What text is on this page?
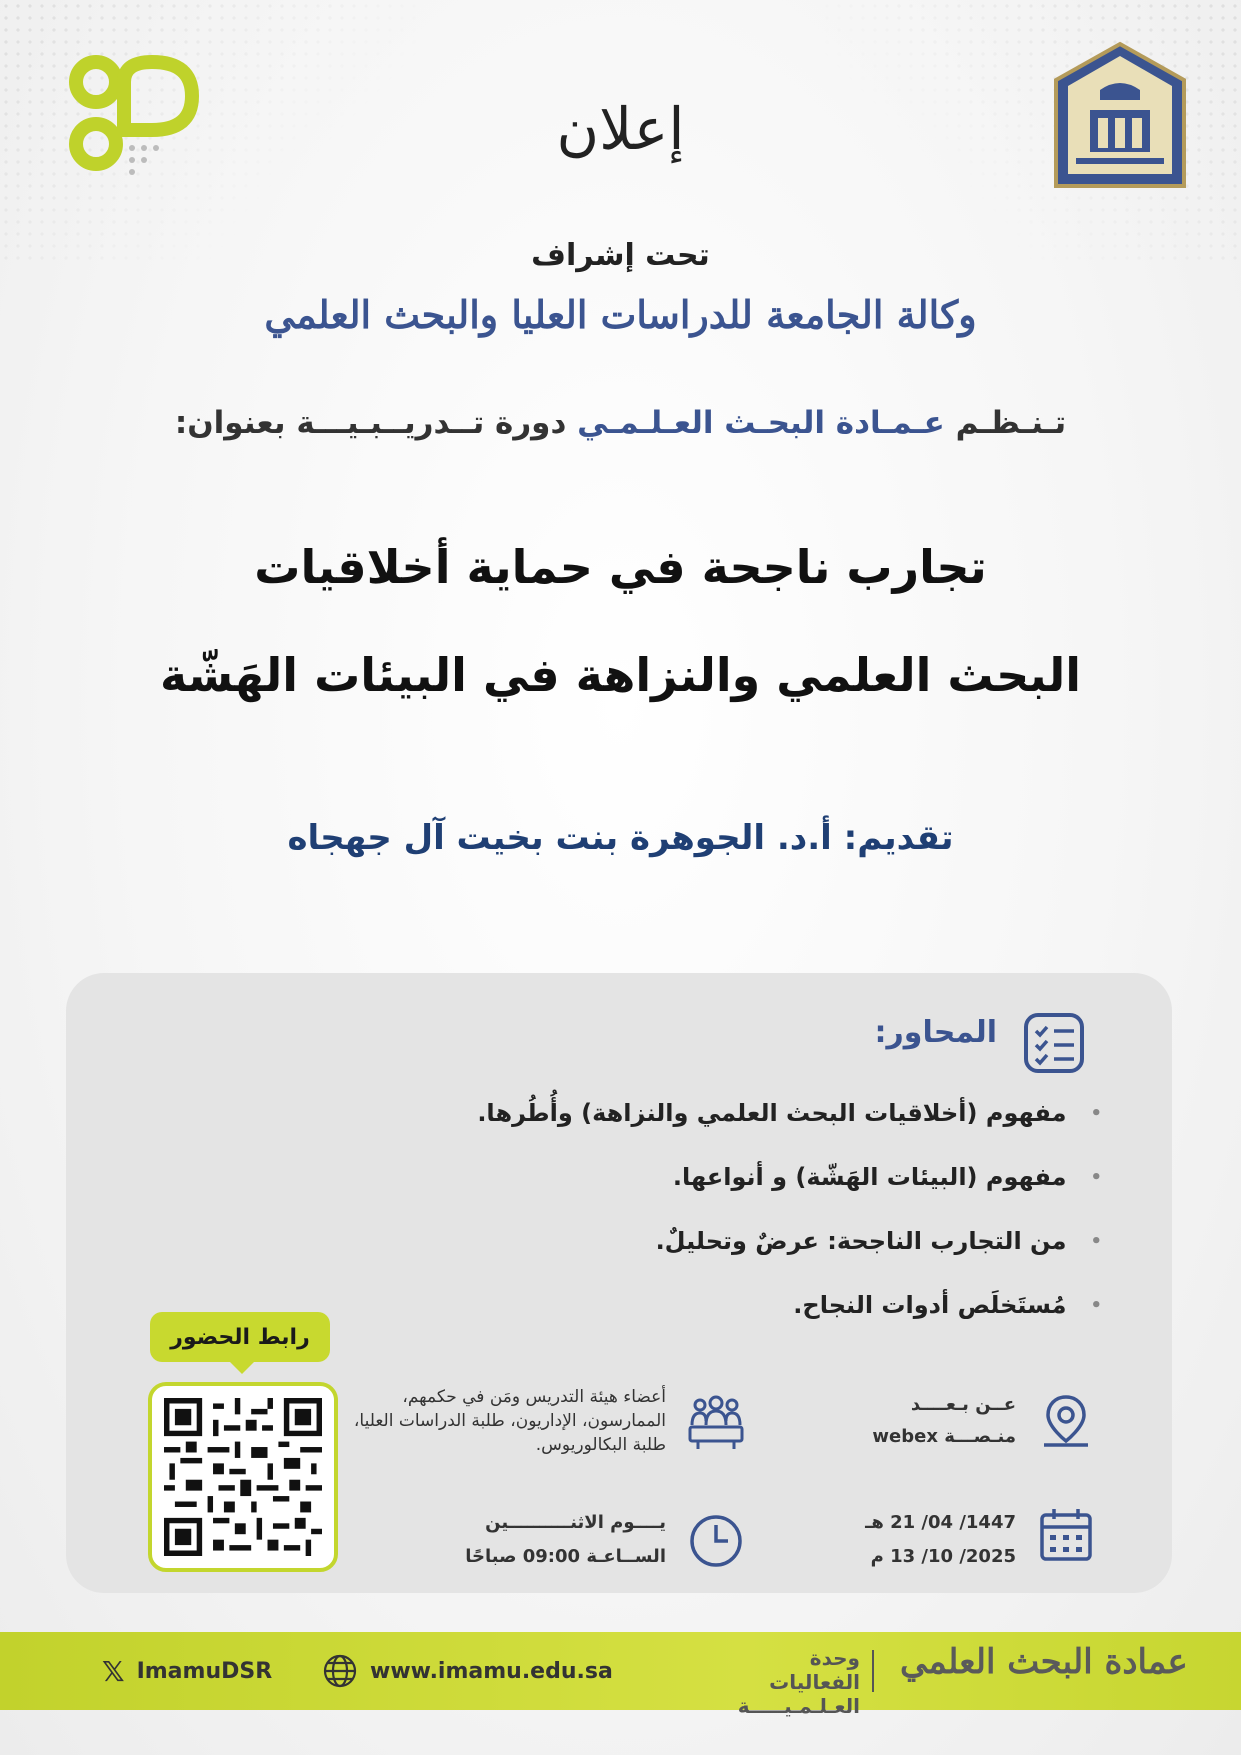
إعلان
تحت إشراف
وكالة الجامعة للدراسات العليا والبحث العلمي
تـنـظـم عـمـادة البحـث العـلـمـي دورة تــدريــبـيـــة بعنوان:
تجارب ناجحة في حماية أخلاقيات
البحث العلمي والنزاهة في البيئات الهَشّة
تقديم: أ.د. الجوهرة بنت بخيت آل جهجاه
المحاور:
• مفهوم (أخلاقيات البحث العلمي والنزاهة) وأُطُرها.
• مفهوم (البيئات الهَشّة) و أنواعها.
• من التجارب الناجحة: عرضٌ وتحليلٌ.
• مُستَخلَص أدوات النجاح.
عــن بـعــــد
منـصـــة webex
1447/ 04/ 21 هـ
2025/ 10/ 13 م
أعضاء هيئة التدريس ومَن في حكمهم، الممارسون، الإداريون، طلبة الدراسات العليا، طلبة البكالوريوس.
يــــوم الاثنــــــــــين
الســاعـة 09:00 صباحًا
رابط الحضور
𝕏 ImamuDSR	www.imamu.edu.sa
وحدة الفعاليات
العـلـمـيـــــة
عمادة البحث العلمي
